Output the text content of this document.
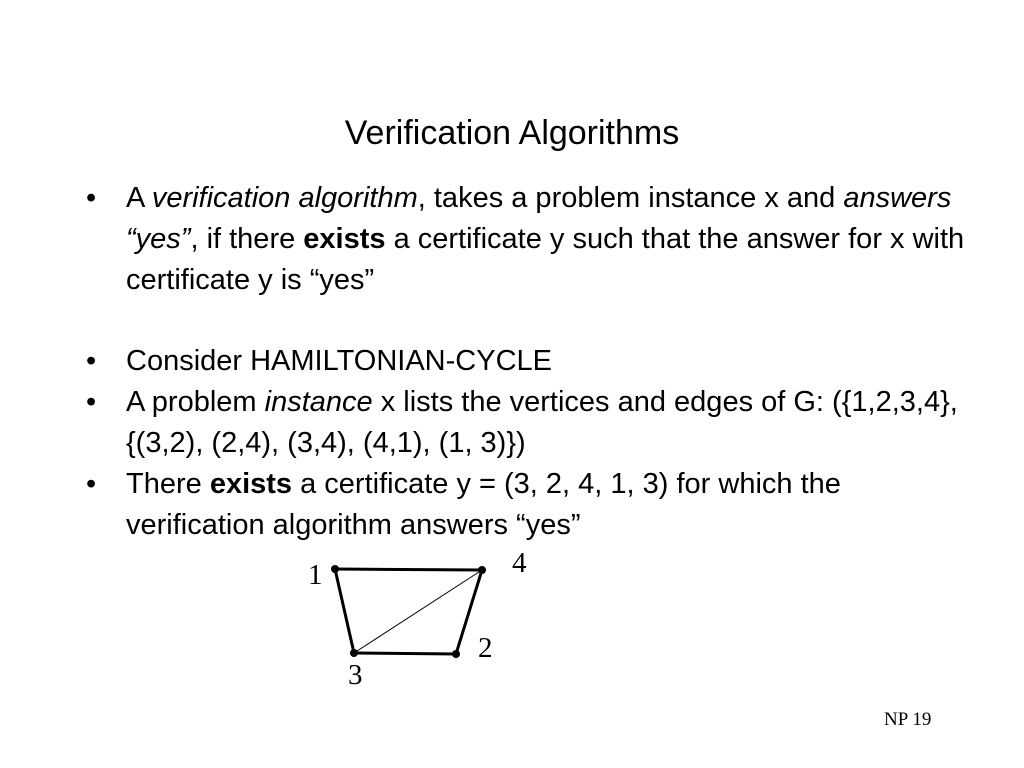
Verification Algorithms
• A verification algorithm, takes a problem instance x and answers “yes”, if there exists a certificate y such that the answer for x with certificate y is “yes”
• Consider HAMILTONIAN-CYCLE
• A problem instance x lists the vertices and edges of G: ({1,2,3,4}, {(3,2), (2,4), (3,4), (4,1), (1, 3)})
• There exists a certificate y = (3, 2, 4, 1, 3) for which the verification algorithm answers “yes”
1	4
2
3
NP 19
